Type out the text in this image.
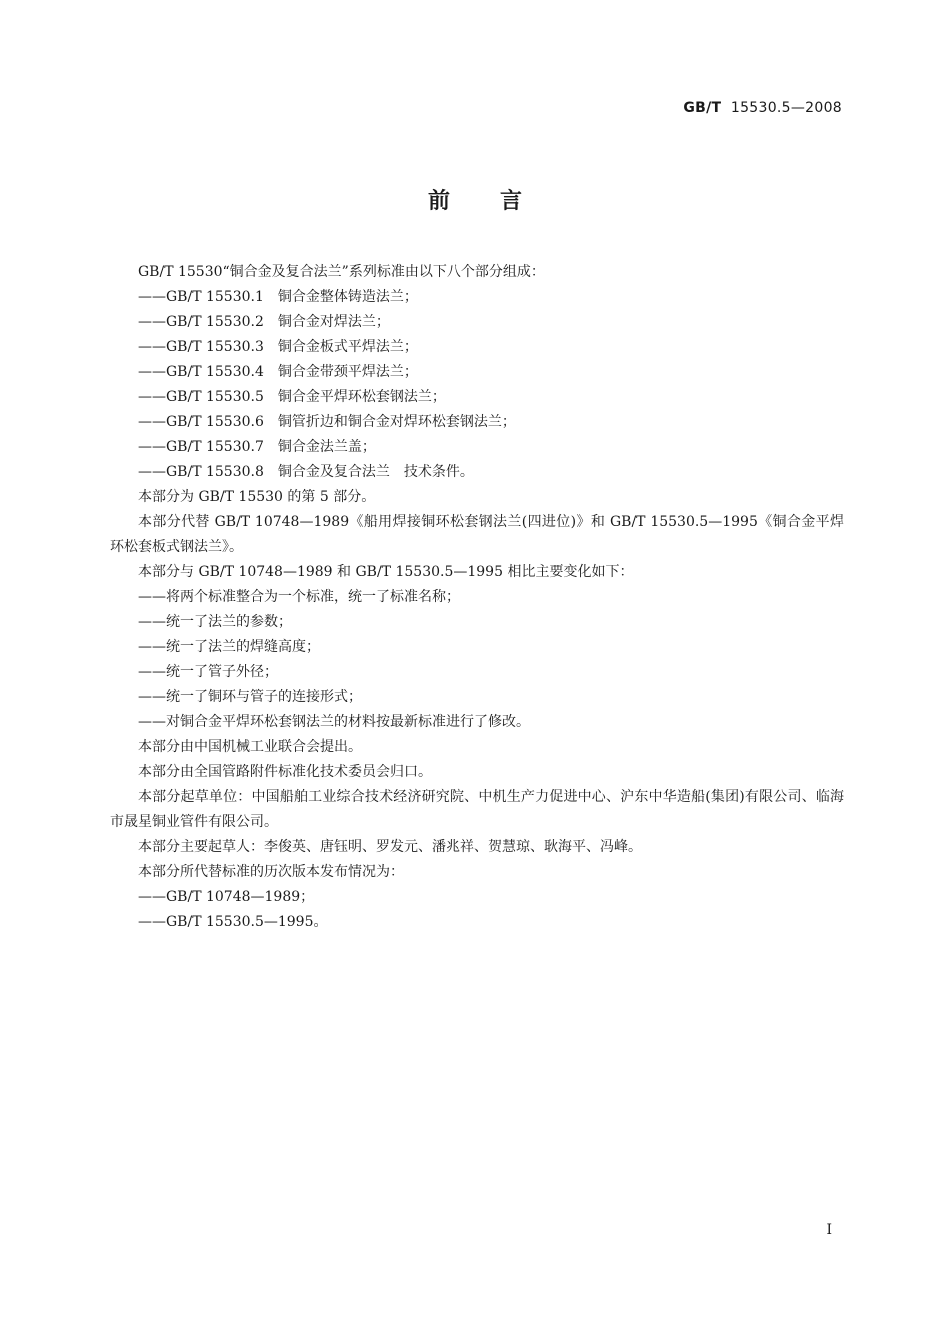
GB/T 15530.5—2008
前言

GB/T 15530“铜合金及复合法兰”系列标准由以下八个部分组成：

——GB/T 15530.1 铜合金整体铸造法兰；

——GB/T 15530.2 铜合金对焊法兰；

——GB/T 15530.3 铜合金板式平焊法兰；

——GB/T 15530.4 铜合金带颈平焊法兰；

——GB/T 15530.5 铜合金平焊环松套钢法兰；

——GB/T 15530.6 铜管折边和铜合金对焊环松套钢法兰；

——GB/T 15530.7 铜合金法兰盖；

——GB/T 15530.8 铜合金及复合法兰　技术条件。

本部分为 GB/T 15530 的第 5 部分。

本部分代替 GB/T 10748—1989《船用焊接铜环松套钢法兰(四进位)》和 GB/T 15530.5—1995《铜合金平焊环松套板式钢法兰》。

本部分与 GB/T 10748—1989 和 GB/T 15530.5—1995 相比主要变化如下：

——将两个标准整合为一个标准，统一了标准名称；

——统一了法兰的参数；

——统一了法兰的焊缝高度；

——统一了管子外径；

——统一了铜环与管子的连接形式；

——对铜合金平焊环松套钢法兰的材料按最新标准进行了修改。

本部分由中国机械工业联合会提出。

本部分由全国管路附件标准化技术委员会归口。

本部分起草单位：中国船舶工业综合技术经济研究院、中机生产力促进中心、沪东中华造船(集团)有限公司、临海市晟星铜业管件有限公司。

本部分主要起草人：李俊英、唐钰明、罗发元、潘兆祥、贺慧琼、耿海平、冯峰。

本部分所代替标准的历次版本发布情况为：

——GB/T 10748—1989；

——GB/T 15530.5—1995。

I
